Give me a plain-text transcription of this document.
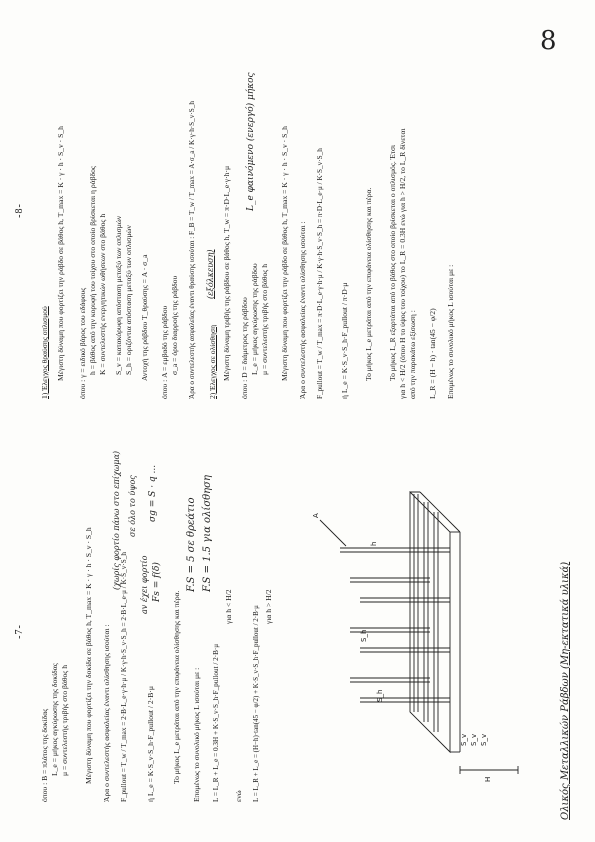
-7-
όπου : B = πλάτος της δοκίδας L_e = μήκος αγκύρωσης της δοκίδας μ = συντελεστής τριβής στο βάθος h Μέγιστη δύναμη που φορτίζει την δοκίδα σε βάθος h, T_max = K · γ · h · S_v · S_h Άρα ο συντελεστής ασφαλείας έναντι ολίσθησης ισούται : F_pullout = T_w / T_max = 2·B·L_e·γ·h·μ / K·γ·h·S_v·S_h = 2·B·L_e·μ / K·S_v·S_h ή L_e = K·S_v·S_h·F_pullout / 2·B·μ
(χωρίς φορτίο πάνω στο επίχωμα) σε όλο το ύψος
av έχει φορτίο Fs = f(δ)
σg = S · q ...
Το μήκος L_e μετράται από την επιφάνεια ολίσθησης και πέρα.
F.S = 5 σε θρεάτιο F.S = 1.5 για ολίσθηση
Επομένως το συνολικό μήκος L ισούται με : L = L_R + L_e = 0.3H + K·S_v·S_h·F_pullout / 2·B·μ
για h < H/2
ενώ L = L_R + L_e = (H−h)·tan(45 − φ/2) + K·S_v·S_h·F_pullout / 2·B·μ για h > H/2
A
H
S_h
S_h
S_v S_v S_v
h
Ολικός Μεταλλικών Ράβδων (Μη-εκτατικά υλικά)
-8-
1) Έλεγχος θραύσης οπλισμού Μέγιστη δύναμη που φορτίζει την ράβδο σε βάθος h, T_max = K · γ · h · S_v · S_h όπου : γ = ειδικό βάρος του εδάφους h = βάθος από την κορυφή του τοίχου στο οποίο βρίσκεται η ράβδος K = συντελεστής ενεργητικών ωθήσεων στο βάθος h S_v = κατακόρυφη απόσταση μεταξύ των οπλισμών S_h = οριζόντια απόσταση μεταξύ των οπλισμών Αντοχή της ράβδου T_θραύσης = A · σ_a όπου : A = εμβαδό της ράβδου σ_a = όριο διαρροής της ράβδου Άρα ο συντελεστής ασφαλείας έναντι θραύσης ισούται : F_B = T_w / T_max = A·σ_a / K·γ·h·S_v·S_h 2) Έλεγχος σε ολίσθηση
(εξόλκευση) Μέγιστη δύναμη τριβής της ράβδου σε βάθος h, T_w = π·D·L_e·γ·h·μ όπου : D = διάμετρος της ράβδου L_e = μήκος αγκύρωσης της ράβδου μ = συντελεστής τριβής στο βάθος h
L_e φαινόμενο (ενεργό) μήκος	Μέγιστη δύναμη που φορτίζει την ράβδο σε βάθος h, T_max = K · γ · h · S_v · S_h Άρα ο συντελεστής ασφαλείας έναντι ολίσθησης ισούται : F_pullout = T_w / T_max = π·D·L_e·γ·h·μ / K·γ·h·S_v·S_h = π·D·L_e·μ / K·S_v·S_h ή L_e = K·S_v·S_h·F_pullout / π·D·μ Το μήκος L_e μετράται από την επιφάνεια ολίσθησης και πέρα. Το μήκος L_R εξαρτάται από το βάθος στο οποίο βρίσκεται ο οπλισμός. Έτσι για h < H/2 (όπου H το ύψος του τοίχου) το L_R = 0.3H ενώ για h > H/2, το L_R δίνεται από την παρακάτω εξίσωση : L_R = (H − h) · tan(45 − φ/2) Επομένως το συνολικό μήκος L ισούται με :
8
